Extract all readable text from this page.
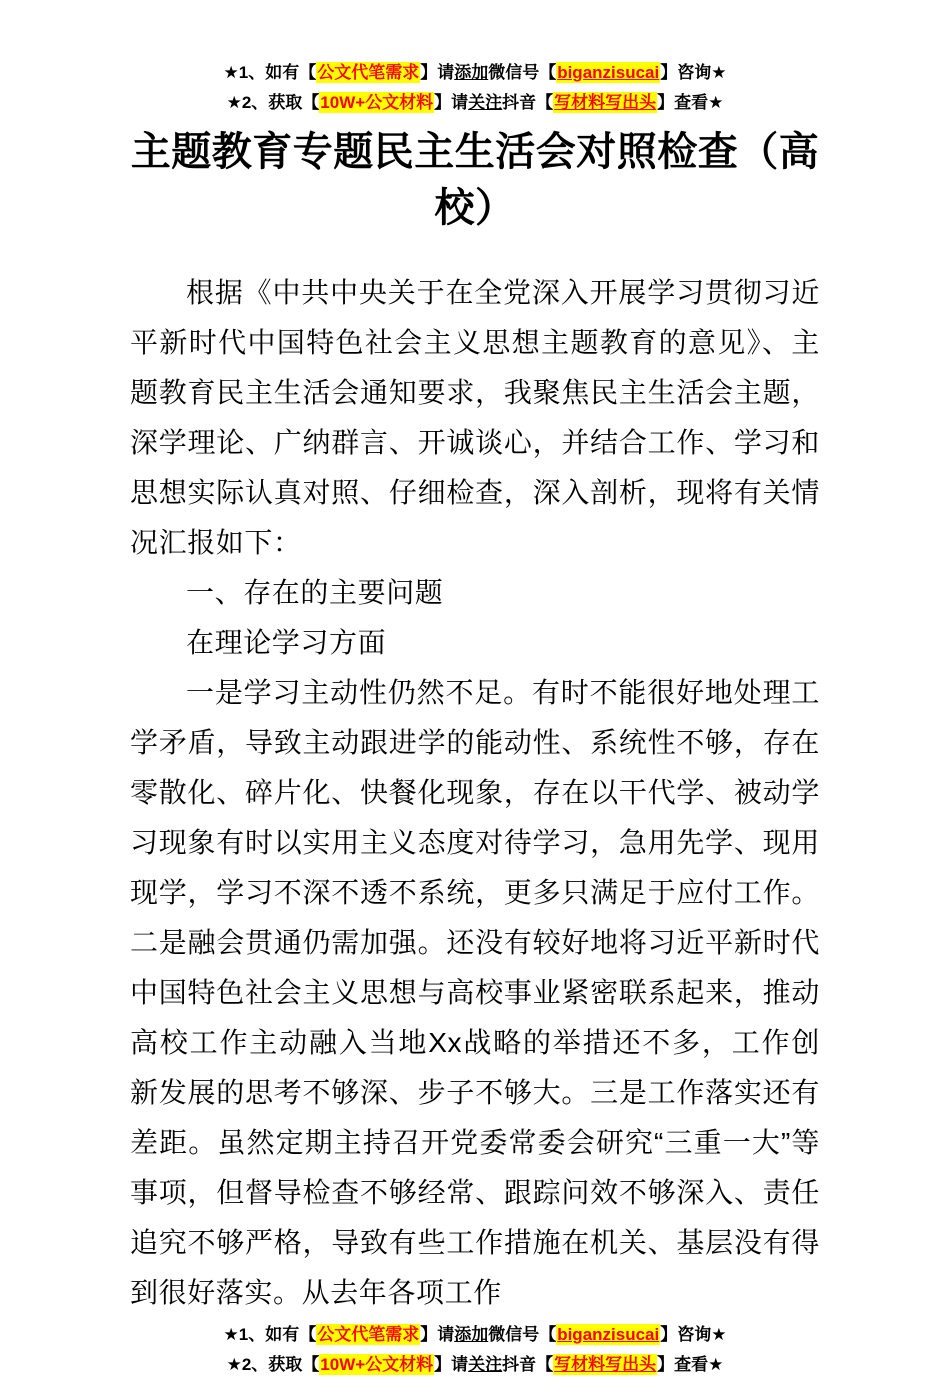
★1、如有【公文代笔需求】请添加微信号【biganzisucai】咨询★
★2、获取【10W+公文材料】请关注抖音【写材料写出头】查看★
主题教育专题民主生活会对照检查（高
校）

根据《中共中央关于在全党深入开展学习贯彻习近平新时代中国特色社会主义思想主题教育的意见》、主题教育民主生活会通知要求，我聚焦民主生活会主题，深学理论、广纳群言、开诚谈心，并结合工作、学习和思想实际认真对照、仔细检查，深入剖析，现将有关情况汇报如下：

一、存在的主要问题

在理论学习方面

一是学习主动性仍然不足。有时不能很好地处理工学矛盾，导致主动跟进学的能动性、系统性不够，存在零散化、碎片化、快餐化现象，存在以干代学、被动学习现象有时以实用主义态度对待学习，急用先学、现用现学，学习不深不透不系统，更多只满足于应付工作。二是融会贯通仍需加强。还没有较好地将习近平新时代中国特色社会主义思想与高校事业紧密联系起来，推动高校工作主动融入当地Xx战略的举措还不多，工作创新发展的思考不够深、步子不够大。三是工作落实还有差距。虽然定期主持召开党委常委会研究“三重一大”等事项，但督导检查不够经常、跟踪问效不够深入、责任追究不够严格，导致有些工作措施在机关、基层没有得到很好落实。从去年各项工作

★1、如有【公文代笔需求】请添加微信号【biganzisucai】咨询★
★2、获取【10W+公文材料】请关注抖音【写材料写出头】查看★
